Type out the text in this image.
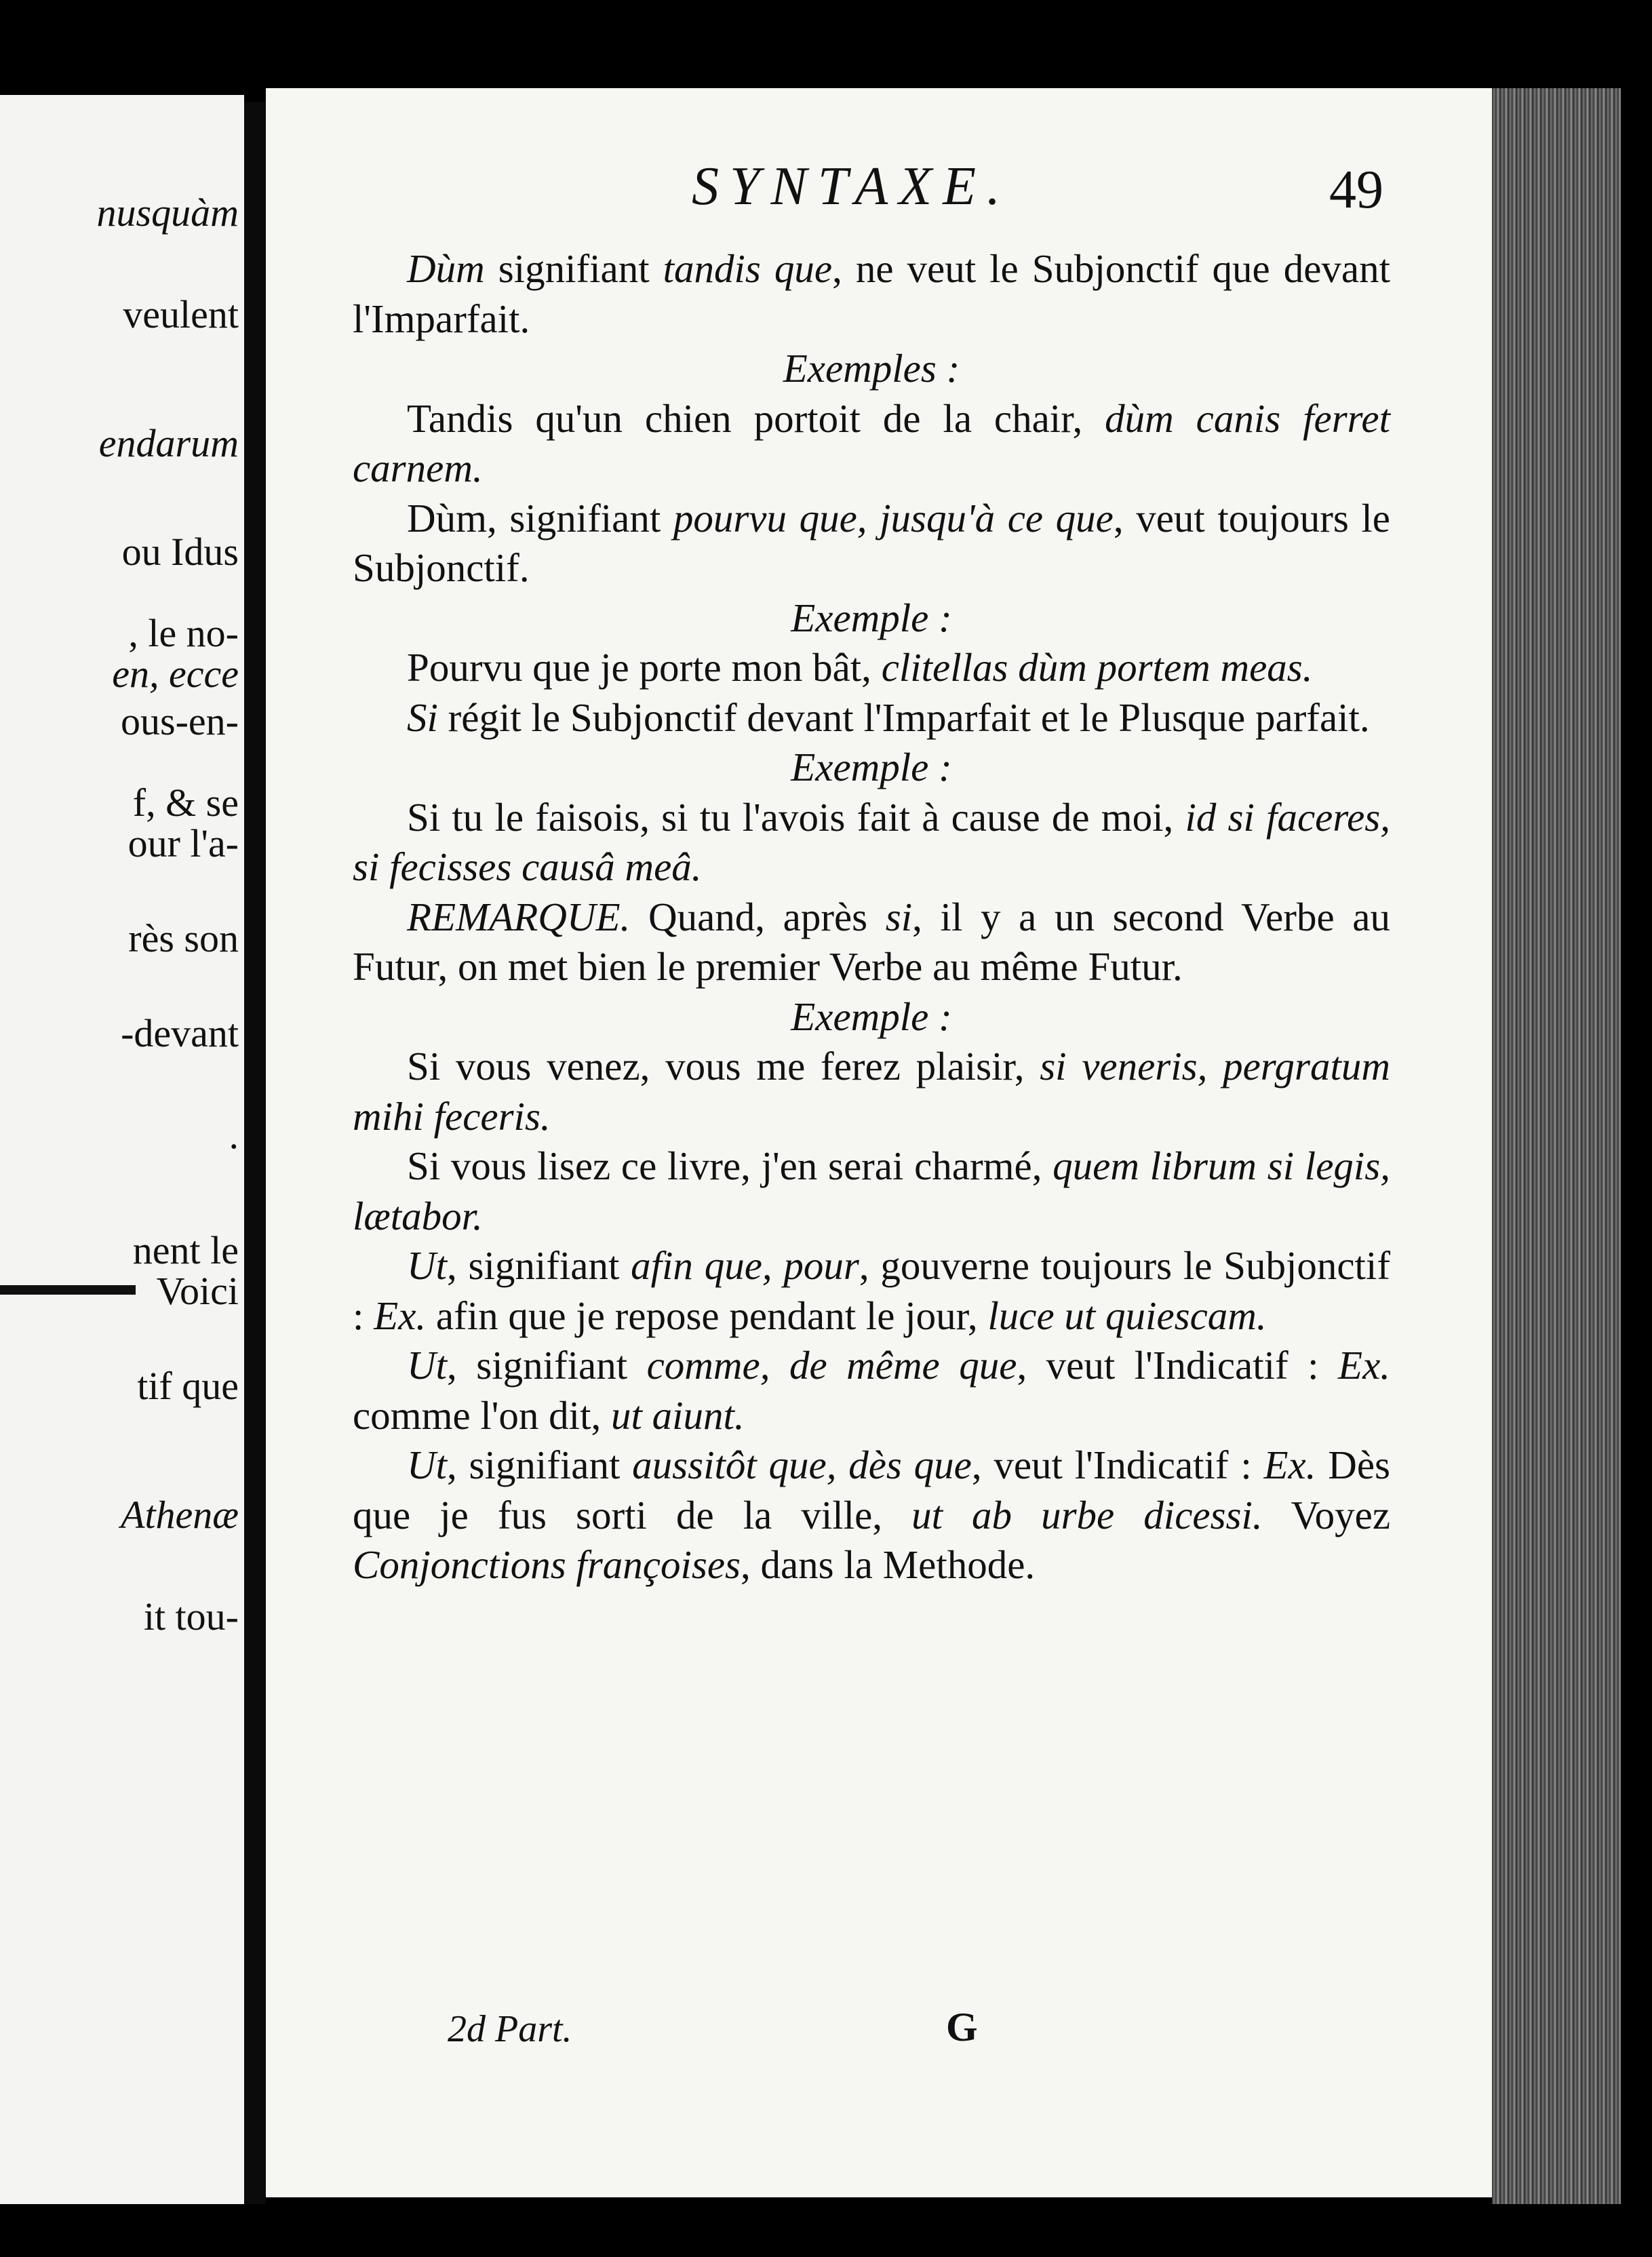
nusquàm
veulent
endarum
ou Idus
, le no-
en, ecce
ous-en-
f, & se
our l'a-
rès son
-devant
.
nent le
Voici
tif que
Athenæ
it tou-
SYNTAXE.	49

Dùm signifiant tandis que, ne veut le Subjonctif que devant l'Imparfait.

Exemples :

Tandis qu'un chien portoit de la chair, dùm canis ferret carnem.

Dùm, signifiant pourvu que, jusqu'à ce que, veut toujours le Subjonctif.

Exemple :

Pourvu que je porte mon bât, clitellas dùm portem meas.

Si régit le Subjonctif devant l'Imparfait et le Plusque parfait.

Exemple :

Si tu le faisois, si tu l'avois fait à cause de moi, id si faceres, si fecisses causâ meâ.

REMARQUE. Quand, après si, il y a un second Verbe au Futur, on met bien le premier Verbe au même Futur.

Exemple :

Si vous venez, vous me ferez plaisir, si veneris, pergratum mihi feceris.

Si vous lisez ce livre, j'en serai charmé, quem librum si legis, lætabor.

Ut, signifiant afin que, pour, gouverne toujours le Subjonctif : Ex. afin que je repose pendant le jour, luce ut quiescam.

Ut, signifiant comme, de même que, veut l'Indicatif : Ex. comme l'on dit, ut aiunt.

Ut, signifiant aussitôt que, dès que, veut l'Indicatif : Ex. Dès que je fus sorti de la ville, ut ab urbe dicessi. Voyez Conjonctions françoises, dans la Methode.

2d Part.	G
